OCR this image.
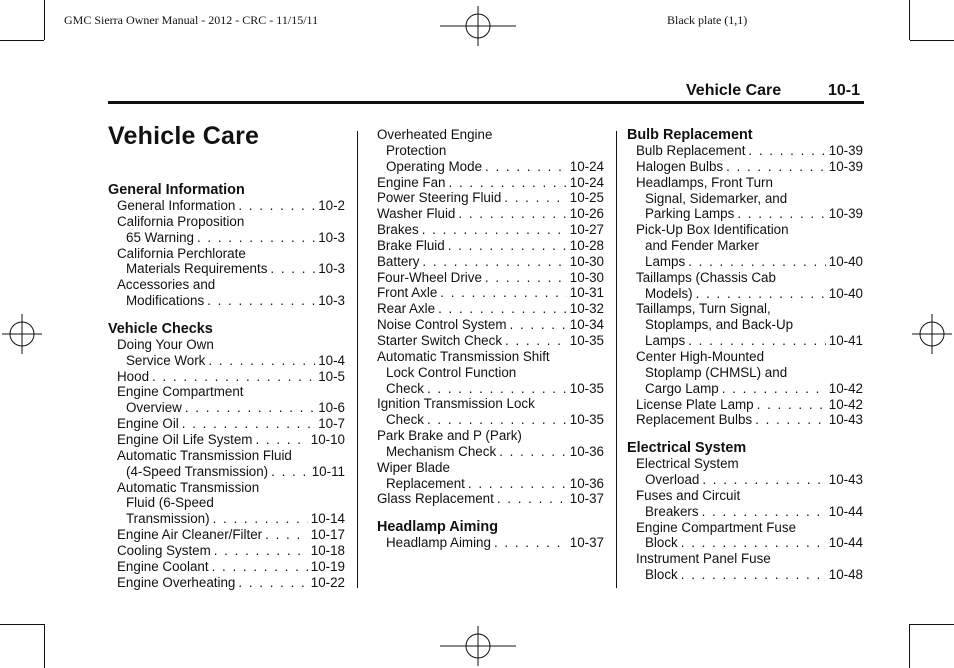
GMC Sierra Owner Manual - 2012 - CRC - 11/15/11	Black plate (1,1)
Vehicle Care	10-1
Vehicle Care
General Information
General Information . . .	10-2
California Proposition
65 Warning . . .	10-3
California Perchlorate
Materials Requirements . . .	10-3
Accessories and
Modifications . . .	10-3
Vehicle Checks
Doing Your Own
Service Work . . .	10-4
Hood . . .	10-5
Engine Compartment
Overview . . .	10-6
Engine Oil . . .	10-7
Engine Oil Life System . . .	10-10
Automatic Transmission Fluid
(4-Speed Transmission) . . .	10-11
Automatic Transmission
Fluid (6-Speed
Transmission) . . .	10-14
Engine Air Cleaner/Filter . . .	10-17
Cooling System . . .	10-18
Engine Coolant . . .	10-19
Engine Overheating . . .	10-22
Overheated Engine
Protection
Operating Mode . . .	10-24
Engine Fan . . .	10-24
Power Steering Fluid . . .	10-25
Washer Fluid . . .	10-26
Brakes . . .	10-27
Brake Fluid . . .	10-28
Battery . . .	10-30
Four-Wheel Drive . . .	10-30
Front Axle . . .	10-31
Rear Axle . . .	10-32
Noise Control System . . .	10-34
Starter Switch Check . . .	10-35
Automatic Transmission Shift
Lock Control Function
Check . . .	10-35
Ignition Transmission Lock
Check . . .	10-35
Park Brake and P (Park)
Mechanism Check . . .	10-36
Wiper Blade
Replacement . . .	10-36
Glass Replacement . . .	10-37
Headlamp Aiming
Headlamp Aiming . . .	10-37
Bulb Replacement
Bulb Replacement . . .	10-39
Halogen Bulbs . . .	10-39
Headlamps, Front Turn
Signal, Sidemarker, and
Parking Lamps . . .	10-39
Pick-Up Box Identification
and Fender Marker
Lamps . . .	10-40
Taillamps (Chassis Cab
Models) . . .	10-40
Taillamps, Turn Signal,
Stoplamps, and Back-Up
Lamps . . .	10-41
Center High-Mounted
Stoplamp (CHMSL) and
Cargo Lamp . . .	10-42
License Plate Lamp . . .	10-42
Replacement Bulbs . . .	10-43
Electrical System
Electrical System
Overload . . .	10-43
Fuses and Circuit
Breakers . . .	10-44
Engine Compartment Fuse
Block . . .	10-44
Instrument Panel Fuse
Block . . .	10-48
